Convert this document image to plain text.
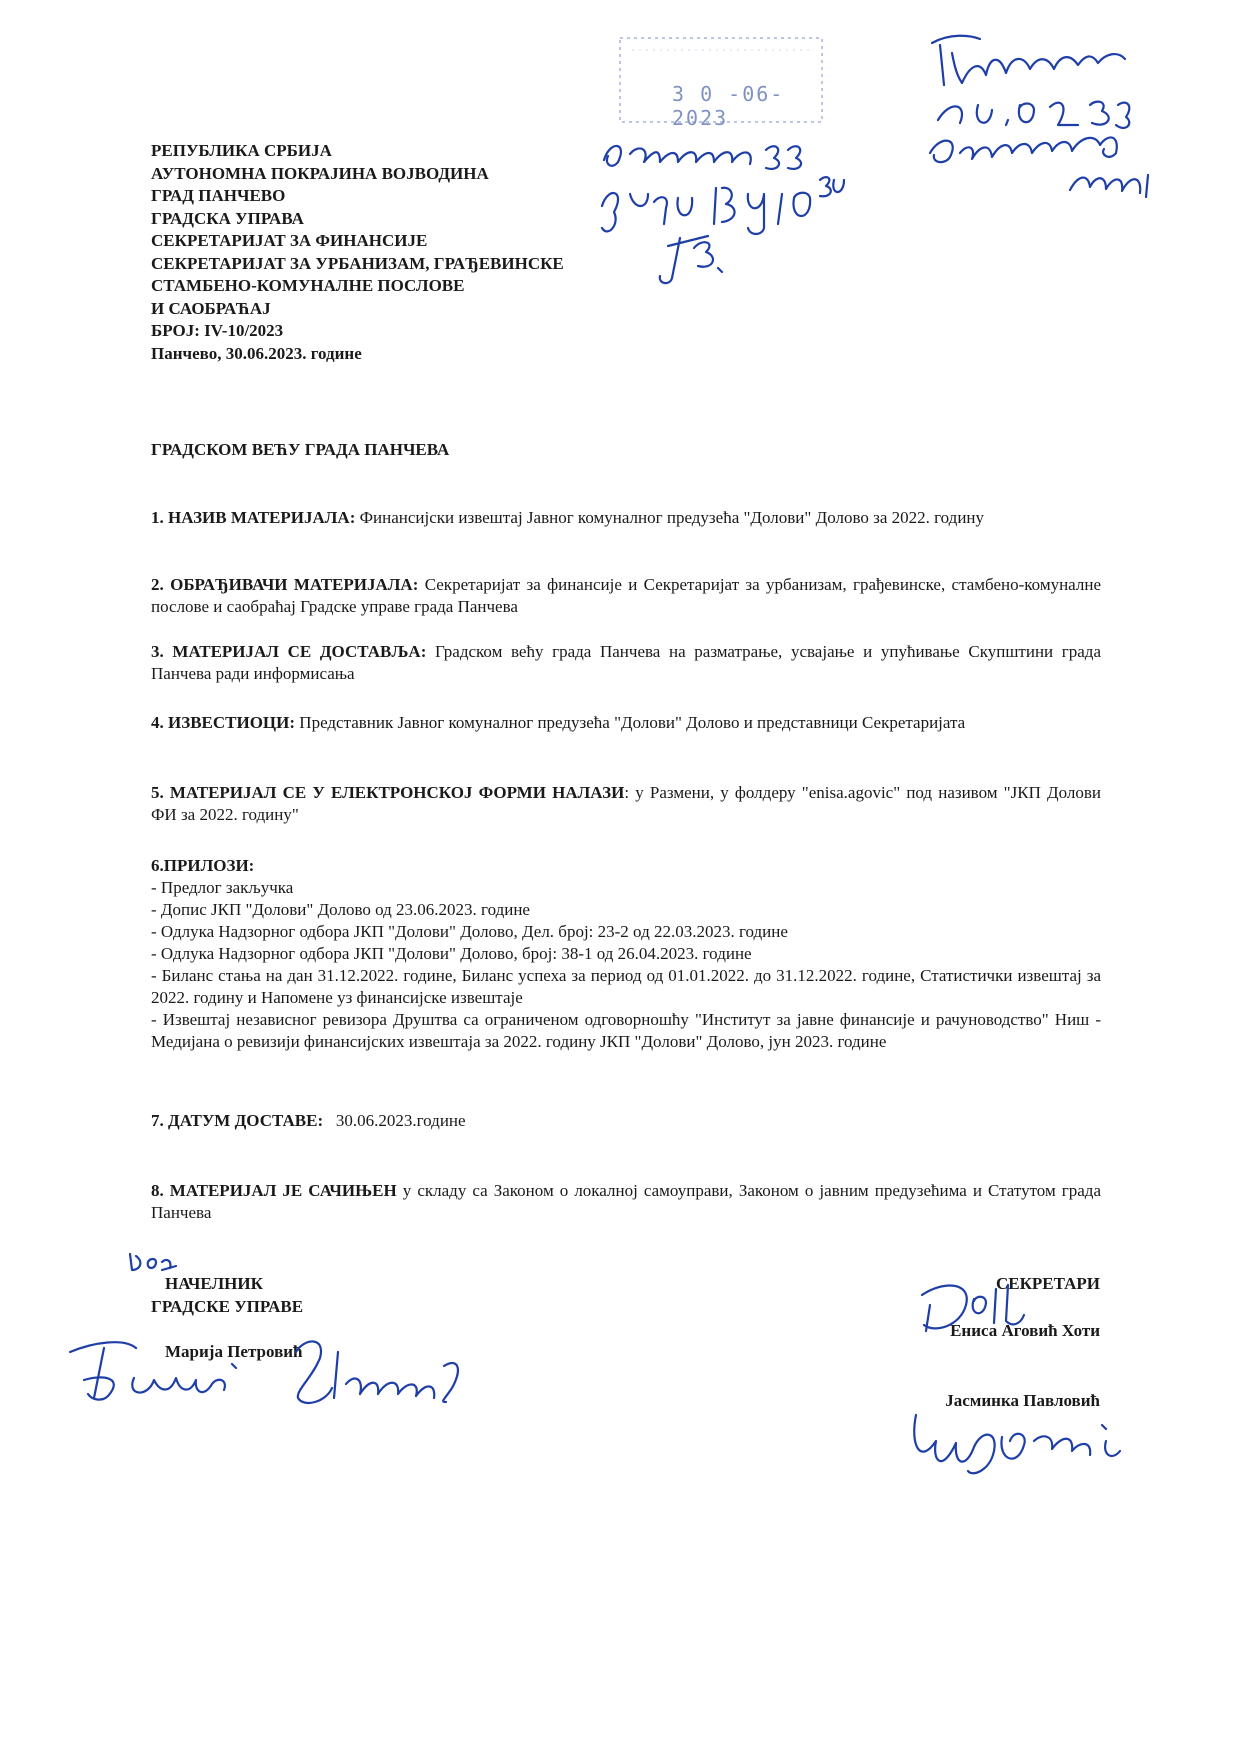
РЕПУБЛИКА СРБИЈА
АУТОНОМНА ПОКРАЈИНА ВОЈВОДИНА
ГРАД ПАНЧЕВО
ГРАДСКА УПРАВА
СЕКРЕТАРИЈАТ ЗА ФИНАНСИЈЕ
СЕКРЕТАРИЈАТ ЗА УРБАНИЗАМ, ГРАЂЕВИНСКЕ
СТАМБЕНО-КОМУНАЛНЕ ПОСЛОВЕ
И САОБРАЋАЈ
БРОЈ: IV-10/2023
Панчево, 30.06.2023. године
3 0 -06- 2023
ГРАДСКОМ ВЕЋУ ГРАДА ПАНЧЕВА
1. НАЗИВ МАТЕРИЈАЛА: Финансијски извештај Јавног комуналног предузећа "Долови" Долово за 2022. годину
2. ОБРАЂИВАЧИ МАТЕРИЈАЛА: Секретаријат за финансије и Секретаријат за урбанизам, грађевинске, стамбено-комуналне послове и саобраћај Градске управе града Панчева
3. МАТЕРИЈАЛ СЕ ДОСТАВЉА: Градском већу града Панчева на разматрање, усвајање и упућивање Скупштини града Панчева ради информисања
4. ИЗВЕСТИОЦИ: Представник Јавног комуналног предузећа "Долови" Долово и представници Секретаријата
5. МАТЕРИЈАЛ СЕ У ЕЛЕКТРОНСКОЈ ФОРМИ НАЛАЗИ: у Размени, у фолдеру "enisa.agovic" под називом "ЈКП Долови ФИ за 2022. годину"
6.ПРИЛОЗИ:
- Предлог закључка
- Допис ЈКП "Долови" Долово од 23.06.2023. године
- Одлука Надзорног одбора ЈКП "Долови" Долово, Дел. број: 23-2 од 22.03.2023. године
- Одлука Надзорног одбора ЈКП "Долови" Долово, број: 38-1 од 26.04.2023. године
- Биланс стања на дан 31.12.2022. године, Биланс успеха за период од 01.01.2022. до 31.12.2022. године, Статистички извештај за 2022. годину и Напомене уз финансијске извештаје
- Извештај независног ревизора Друштва са ограниченом одговорношћу "Институт за јавне финансије и рачуноводство" Ниш - Медијана о ревизији финансијских извештаја за 2022. годину ЈКП "Долови" Долово, јун 2023. године
7. ДАТУМ ДОСТАВЕ:   30.06.2023.године
8. МАТЕРИЈАЛ ЈЕ САЧИЊЕН у складу са Законом о локалној самоуправи, Законом о јавним предузећима и Статутом града Панчева
НАЧЕЛНИК
ГРАДСКЕ УПРАВЕ
Марија Петровић
СЕКРЕТАРИ
Ениса Аговић Хоти
Јасминка Павловић
